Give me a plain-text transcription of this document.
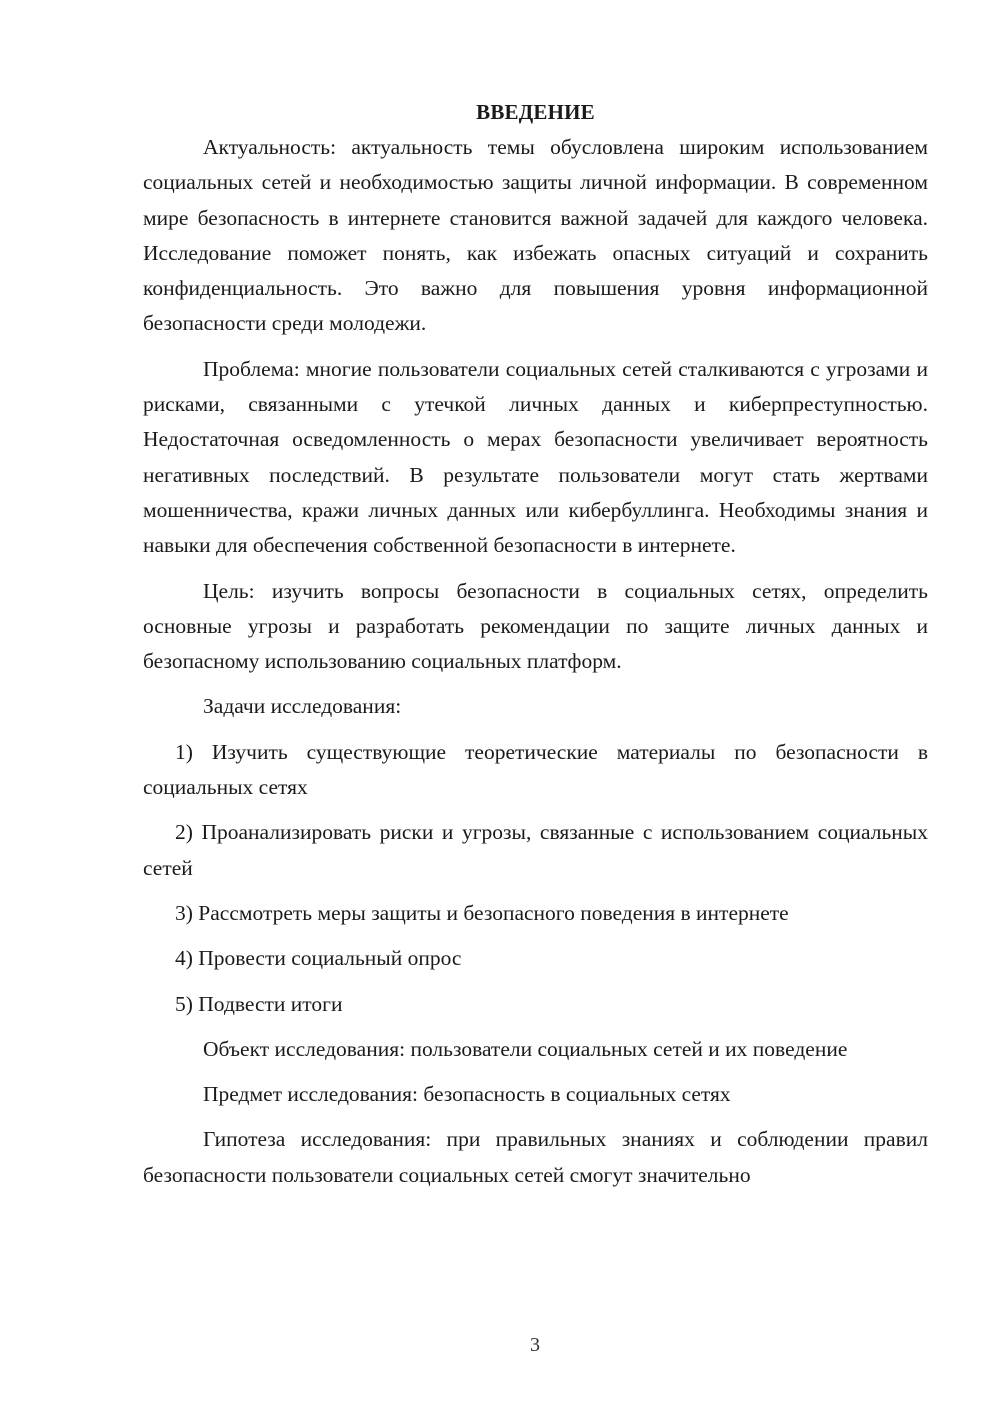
ВВЕДЕНИЕ

Актуальность: актуальность темы обусловлена широким использованием социальных сетей и необходимостью защиты личной информации. В современном мире безопасность в интернете становится важной задачей для каждого человека. Исследование поможет понять, как избежать опасных ситуаций и сохранить конфиденциальность. Это важно для повышения уровня информационной безопасности среди молодежи.

Проблема: многие пользователи социальных сетей сталкиваются с угрозами и рисками, связанными с утечкой личных данных и киберпреступностью. Недостаточная осведомленность о мерах безопасности увеличивает вероятность негативных последствий. В результате пользователи могут стать жертвами мошенничества, кражи личных данных или кибербуллинга. Необходимы знания и навыки для обеспечения собственной безопасности в интернете.

Цель: изучить вопросы безопасности в социальных сетях, определить основные угрозы и разработать рекомендации по защите личных данных и безопасному использованию социальных платформ.

Задачи исследования:

1) Изучить существующие теоретические материалы по безопасности в социальных сетях

2) Проанализировать риски и угрозы, связанные с использованием социальных сетей

3) Рассмотреть меры защиты и безопасного поведения в интернете

4) Провести социальный опрос

5) Подвести итоги

Объект исследования: пользователи социальных сетей и их поведение

Предмет исследования: безопасность в социальных сетях

Гипотеза исследования: при правильных знаниях и соблюдении правил безопасности пользователи социальных сетей смогут значительно

3
